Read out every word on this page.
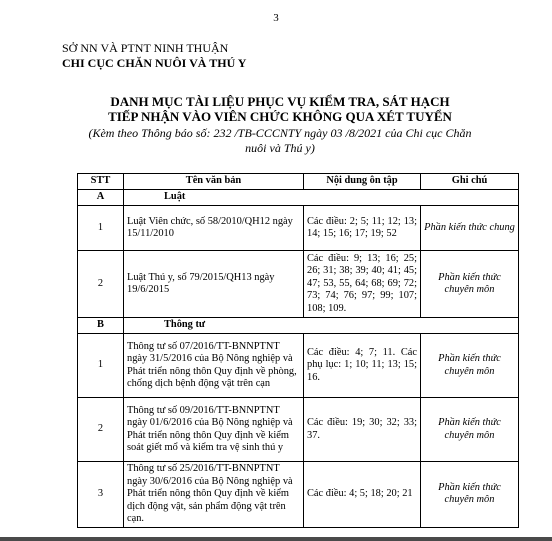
3
SỞ NN VÀ PTNT NINH THUẬN
CHI CỤC CHĂN NUÔI VÀ THÚ Y
DANH MỤC TÀI LIỆU PHỤC VỤ KIỂM TRA, SÁT HẠCH
TIẾP NHẬN VÀO VIÊN CHỨC KHÔNG QUA XÉT TUYỂN
(Kèm theo Thông báo số: 232 /TB-CCCNTY ngày 03 /8/2021 của Chi cục Chăn nuôi và Thú y)
STT	Tên văn bản	Nội dung ôn tập	Ghi chú
A	Luật		
1	Luật Viên chức, số 58/2010/QH12 ngày 15/11/2010	Các điều: 2; 5; 11; 12; 13; 14; 15; 16; 17; 19; 52	Phần kiến thức chung
2	Luật Thú y, số 79/2015/QH13 ngày 19/6/2015	Các điều: 9; 13; 16; 25; 26; 31; 38; 39; 40; 41; 45; 47; 53, 55, 64; 68; 69; 72; 73; 74; 76; 97; 99; 107; 108; 109.	Phần kiến thức chuyên môn
B	Thông tư		
1	Thông tư số 07/2016/TT-BNNPTNT ngày 31/5/2016 của Bộ Nông nghiệp và Phát triển nông thôn Quy định về phòng, chống dịch bệnh động vật trên cạn	Các điều: 4; 7; 11. Các phụ lục: 1; 10; 11; 13; 15; 16.	Phần kiến thức chuyên môn
2	Thông tư số 09/2016/TT-BNNPTNT ngày 01/6/2016 của Bộ Nông nghiệp và Phát triển nông thôn Quy định về kiểm soát giết mổ và kiểm tra vệ sinh thú y	Các điều: 19; 30; 32; 33; 37.	Phần kiến thức chuyên môn
3	Thông tư số 25/2016/TT-BNNPTNT ngày 30/6/2016 của Bộ Nông nghiệp và Phát triển nông thôn Quy định về kiểm dịch động vật, sản phẩm động vật trên cạn.	Các điều: 4; 5; 18; 20; 21	Phần kiến thức chuyên môn
